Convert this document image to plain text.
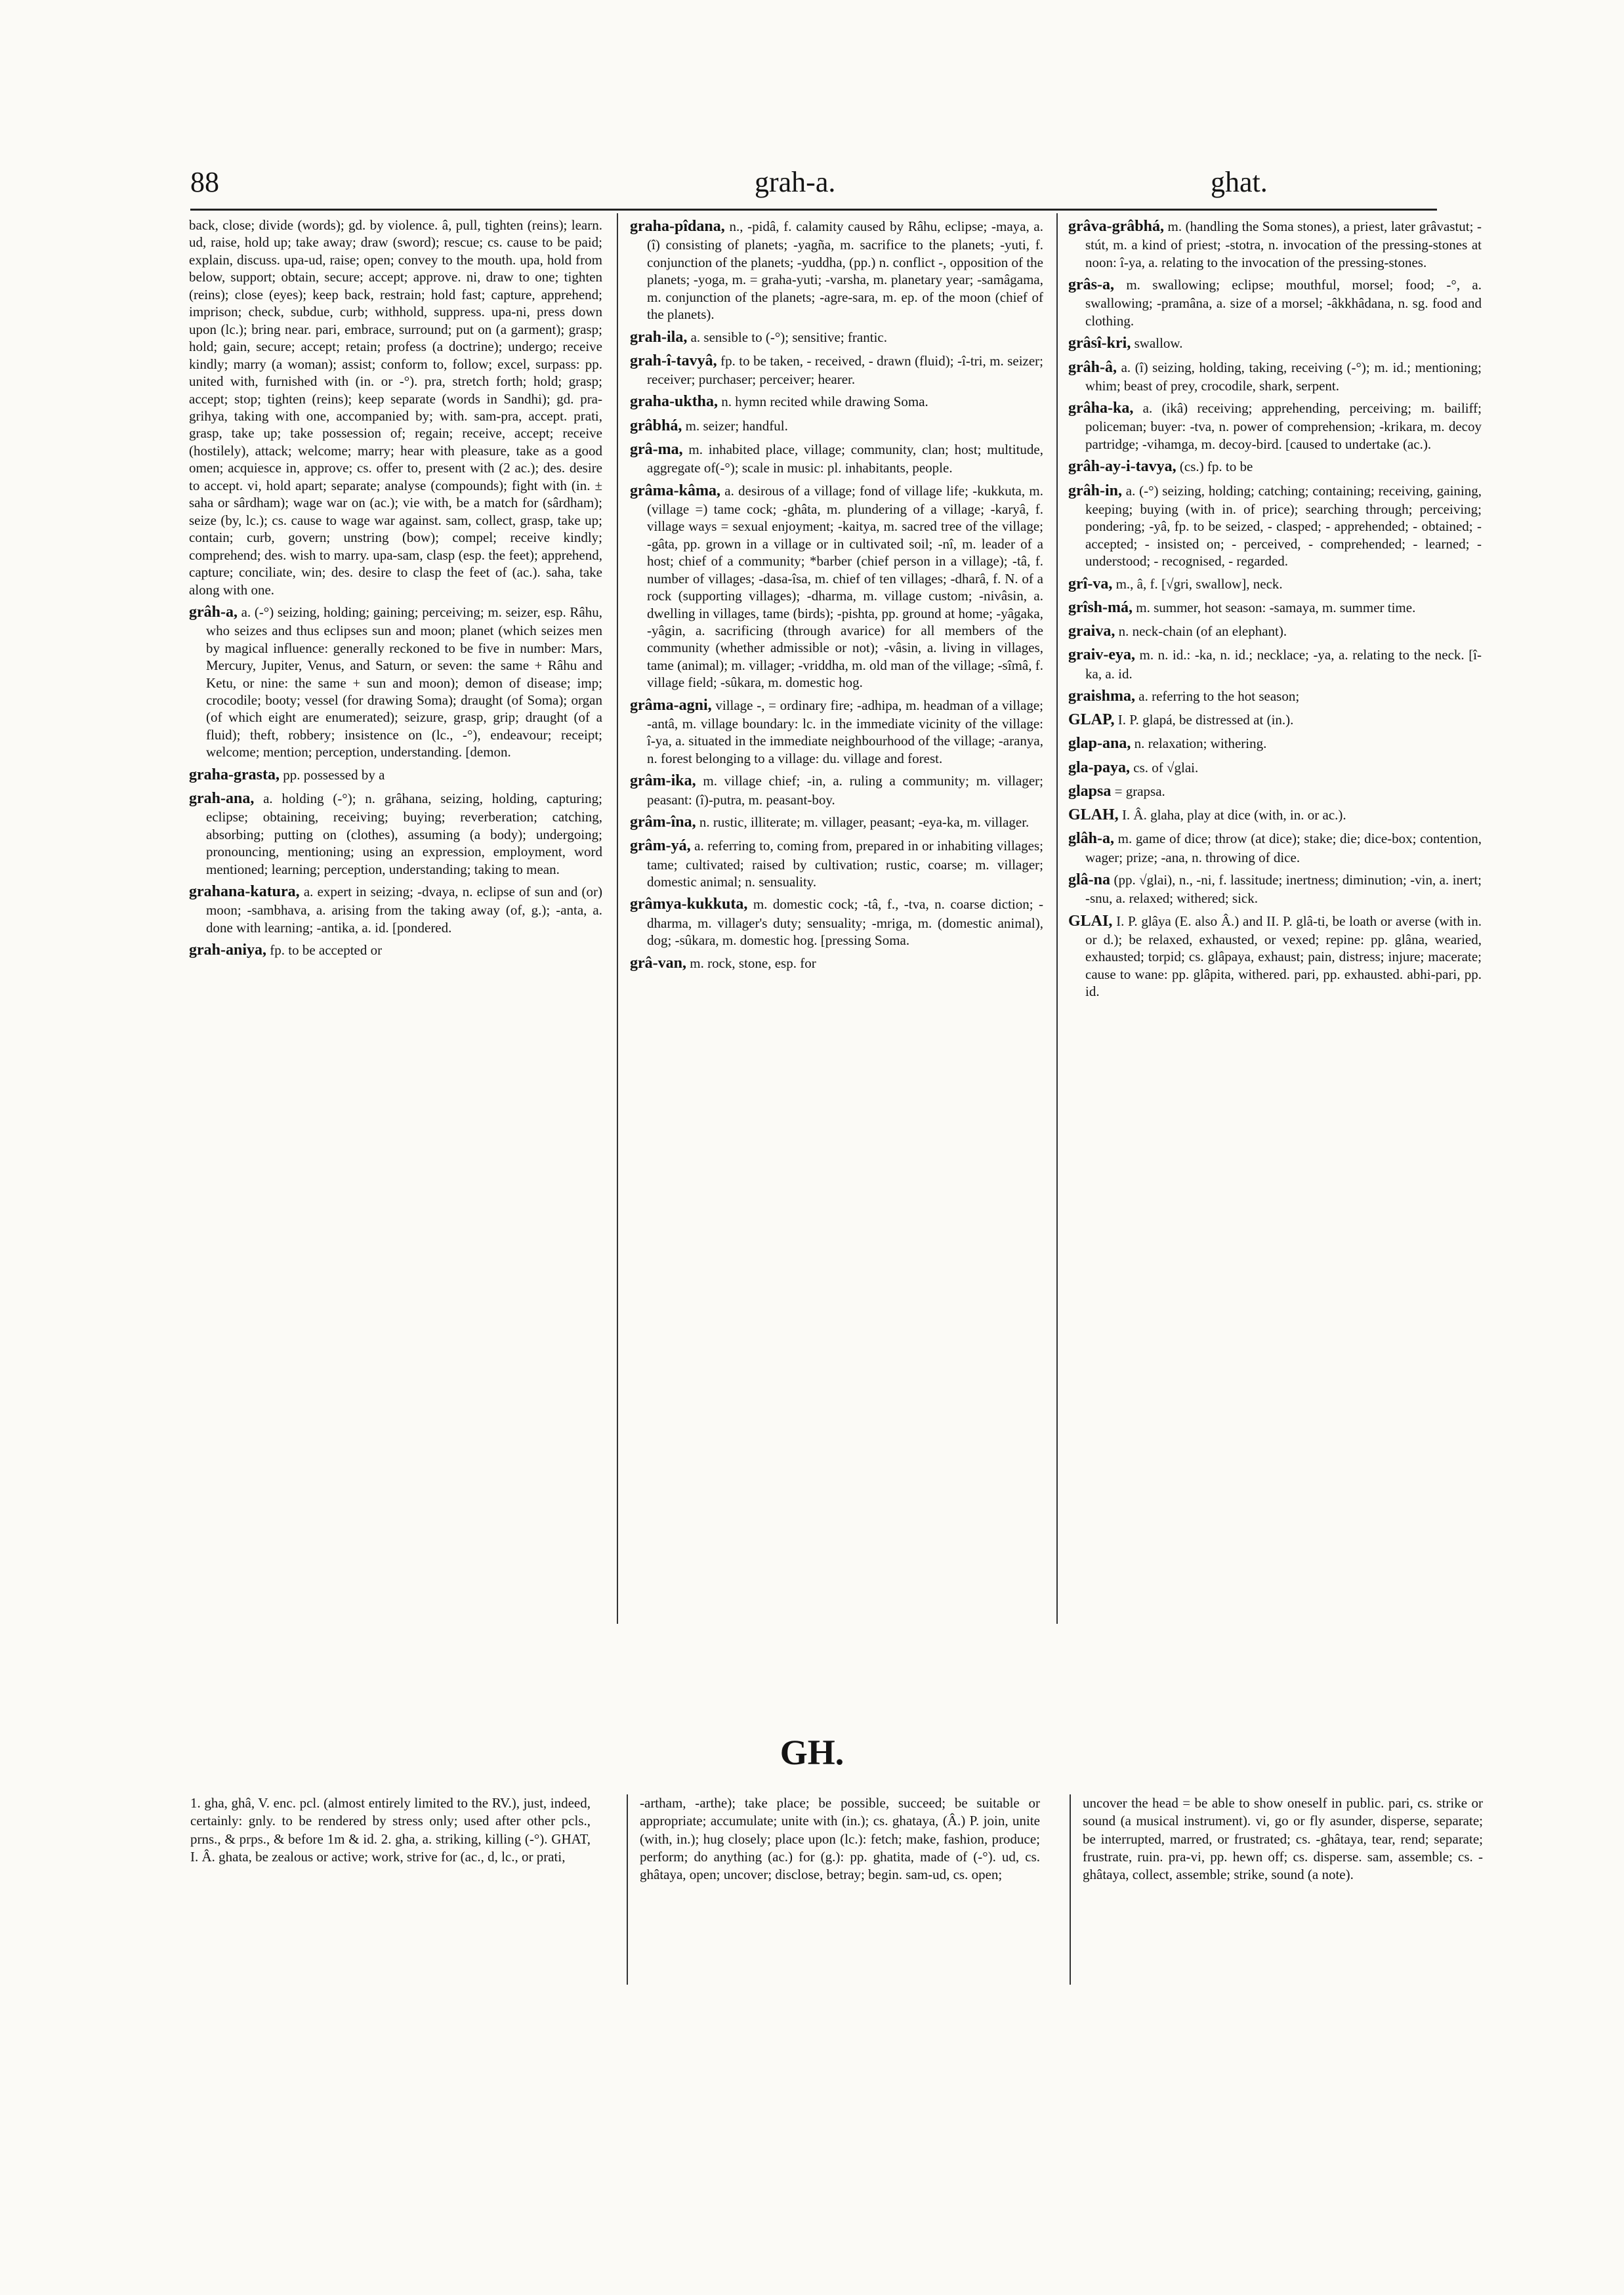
88	grah-a.	ghat.

back, close; divide (words); gd. by violence. â, pull, tighten (reins); learn. ud, raise, hold up; take away; draw (sword); rescue; cs. cause to be paid; explain, discuss. upa-ud, raise; open; convey to the mouth. upa, hold from below, support; obtain, secure; accept; approve. ni, draw to one; tighten (reins); close (eyes); keep back, restrain; hold fast; capture, apprehend; imprison; check, subdue, curb; withhold, suppress. upa-ni, press down upon (lc.); bring near. pari, embrace, surround; put on (a garment); grasp; hold; gain, secure; accept; retain; profess (a doctrine); undergo; receive kindly; marry (a woman); assist; conform to, follow; excel, surpass: pp. united with, furnished with (in. or -°). pra, stretch forth; hold; grasp; accept; stop; tighten (reins); keep separate (words in Sandhi); gd. pra-grihya, taking with one, accompanied by; with. sam-pra, accept. prati, grasp, take up; take possession of; regain; receive, accept; receive (hostilely), attack; welcome; marry; hear with pleasure, take as a good omen; acquiesce in, approve; cs. offer to, present with (2 ac.); des. desire to accept. vi, hold apart; separate; analyse (compounds); fight with (in. ± saha or sârdham); wage war on (ac.); vie with, be a match for (sârdham); seize (by, lc.); cs. cause to wage war against. sam, collect, grasp, take up; contain; curb, govern; unstring (bow); compel; receive kindly; comprehend; des. wish to marry. upa-sam, clasp (esp. the feet); apprehend, capture; conciliate, win; des. desire to clasp the feet of (ac.). saha, take along with one.

grâh-a, a. (-°) seizing, holding; gaining; perceiving; m. seizer, esp. Râhu, who seizes and thus eclipses sun and moon; planet (which seizes men by magical influence: generally reckoned to be five in number: Mars, Mercury, Jupiter, Venus, and Saturn, or seven: the same + Râhu and Ketu, or nine: the same + sun and moon); demon of disease; imp; crocodile; booty; vessel (for drawing Soma); draught (of Soma); organ (of which eight are enumerated); seizure, grasp, grip; draught (of a fluid); theft, robbery; insistence on (lc., -°), endeavour; receipt; welcome; mention; perception, understanding. [demon.

graha-grasta, pp. possessed by a

grah-ana, a. holding (-°); n. grâhana, seizing, holding, capturing; eclipse; obtaining, receiving; buying; reverberation; catching, absorbing; putting on (clothes), assuming (a body); undergoing; pronouncing, mentioning; using an expression, employment, word mentioned; learning; perception, understanding; taking to mean.

grahana-katura, a. expert in seizing; -dvaya, n. eclipse of sun and (or) moon; -sambhava, a. arising from the taking away (of, g.); -anta, a. done with learning; -antika, a. id. [pondered.

grah-aniya, fp. to be accepted or

graha-pîdana, n., -pidâ, f. calamity caused by Râhu, eclipse; -maya, a. (î) consisting of planets; -yagña, m. sacrifice to the planets; -yuti, f. conjunction of the planets; -yuddha, (pp.) n. conflict -, opposition of the planets; -yoga, m. = graha-yuti; -varsha, m. planetary year; -samâgama, m. conjunction of the planets; -agre-sara, m. ep. of the moon (chief of the planets).

grah-ila, a. sensible to (-°); sensitive; frantic.

grah-î-tavyâ, fp. to be taken, - received, - drawn (fluid); -î-tri, m. seizer; receiver; purchaser; perceiver; hearer.

graha-uktha, n. hymn recited while drawing Soma.

grâbhá, m. seizer; handful.

grâ-ma, m. inhabited place, village; community, clan; host; multitude, aggregate of(-°); scale in music: pl. inhabitants, people.

grâma-kâma, a. desirous of a village; fond of village life; -kukkuta, m. (village =) tame cock; -ghâta, m. plundering of a village; -karyâ, f. village ways = sexual enjoyment; -kaitya, m. sacred tree of the village; -gâta, pp. grown in a village or in cultivated soil; -nî, m. leader of a host; chief of a community; *barber (chief person in a village); -tâ, f. number of villages; -dasa-îsa, m. chief of ten villages; -dharâ, f. N. of a rock (supporting villages); -dharma, m. village custom; -nivâsin, a. dwelling in villages, tame (birds); -pishta, pp. ground at home; -yâgaka, -yâgin, a. sacrificing (through avarice) for all members of the community (whether admissible or not); -vâsin, a. living in villages, tame (animal); m. villager; -vriddha, m. old man of the village; -sîmâ, f. village field; -sûkara, m. domestic hog.

grâma-agni, village -, = ordinary fire; -adhipa, m. headman of a village; -antâ, m. village boundary: lc. in the immediate vicinity of the village: î-ya, a. situated in the immediate neighbourhood of the village; -aranya, n. forest belonging to a village: du. village and forest.

grâm-ika, m. village chief; -in, a. ruling a community; m. villager; peasant: (î)-putra, m. peasant-boy.

grâm-îna, n. rustic, illiterate; m. villager, peasant; -eya-ka, m. villager.

grâm-yá, a. referring to, coming from, prepared in or inhabiting villages; tame; cultivated; raised by cultivation; rustic, coarse; m. villager; domestic animal; n. sensuality.

grâmya-kukkuta, m. domestic cock; -tâ, f., -tva, n. coarse diction; -dharma, m. villager's duty; sensuality; -mriga, m. (domestic animal), dog; -sûkara, m. domestic hog. [pressing Soma.

grâ-van, m. rock, stone, esp. for

grâva-grâbhá, m. (handling the Soma stones), a priest, later grâvastut; -stút, m. a kind of priest; -stotra, n. invocation of the pressing-stones at noon: î-ya, a. relating to the invocation of the pressing-stones.

grâs-a, m. swallowing; eclipse; mouthful, morsel; food; -°, a. swallowing; -pramâna, a. size of a morsel; -âkkhâdana, n. sg. food and clothing.

grâsî-kri, swallow.

grâh-â, a. (î) seizing, holding, taking, receiving (-°); m. id.; mentioning; whim; beast of prey, crocodile, shark, serpent.

grâha-ka, a. (ikâ) receiving; apprehending, perceiving; m. bailiff; policeman; buyer: -tva, n. power of comprehension; -krikara, m. decoy partridge; -vihamga, m. decoy-bird. [caused to undertake (ac.).

grâh-ay-i-tavya, (cs.) fp. to be

grâh-in, a. (-°) seizing, holding; catching; containing; receiving, gaining, keeping; buying (with in. of price); searching through; perceiving; pondering; -yâ, fp. to be seized, - clasped; - apprehended; - obtained; - accepted; - insisted on; - perceived, - comprehended; - learned; - understood; - recognised, - regarded.

grî-va, m., â, f. [√gri, swallow], neck.

grîsh-má, m. summer, hot season: -samaya, m. summer time.

graiva, n. neck-chain (of an elephant).

graiv-eya, m. n. id.: -ka, n. id.; necklace; -ya, a. relating to the neck. [î-ka, a. id.

graishma, a. referring to the hot season;

GLAP, I. P. glapá, be distressed at (in.).

glap-ana, n. relaxation; withering.

gla-paya, cs. of √glai.

glapsa = grapsa.

GLAH, I. Â. glaha, play at dice (with, in. or ac.).

glâh-a, m. game of dice; throw (at dice); stake; die; dice-box; contention, wager; prize; -ana, n. throwing of dice.

glâ-na (pp. √glai), n., -ni, f. lassitude; inertness; diminution; -vin, a. inert; -snu, a. relaxed; withered; sick.

GLAI, I. P. glâya (E. also Â.) and II. P. glâ-ti, be loath or averse (with in. or d.); be relaxed, exhausted, or vexed; repine: pp. glâna, wearied, exhausted; torpid; cs. glâpaya, exhaust; pain, distress; injure; macerate; cause to wane: pp. glâpita, withered. pari, pp. exhausted. abhi-pari, pp. id.

GH.
1. gha, ghâ, V. enc. pcl. (almost entirely limited to the RV.), just, indeed, certainly: gnly. to be rendered by stress only; used after other pcls., prns., & prps., & before 1m & id. 2. gha, a. striking, killing (-°). GHAT, I. Â. ghata, be zealous or active; work, strive for (ac., d, lc., or prati,
-artham, -arthe); take place; be possible, succeed; be suitable or appropriate; accumulate; unite with (in.); cs. ghataya, (Â.) P. join, unite (with, in.); hug closely; place upon (lc.): fetch; make, fashion, produce; perform; do anything (ac.) for (g.): pp. ghatita, made of (-°). ud, cs. ghâtaya, open; uncover; disclose, betray; begin. sam-ud, cs. open;
uncover the head = be able to show oneself in public. pari, cs. strike or sound (a musical instrument). vi, go or fly asunder, disperse, separate; be interrupted, marred, or frustrated; cs. -ghâtaya, tear, rend; separate; frustrate, ruin. pra-vi, pp. hewn off; cs. disperse. sam, assemble; cs. -ghâtaya, collect, assemble; strike, sound (a note).
